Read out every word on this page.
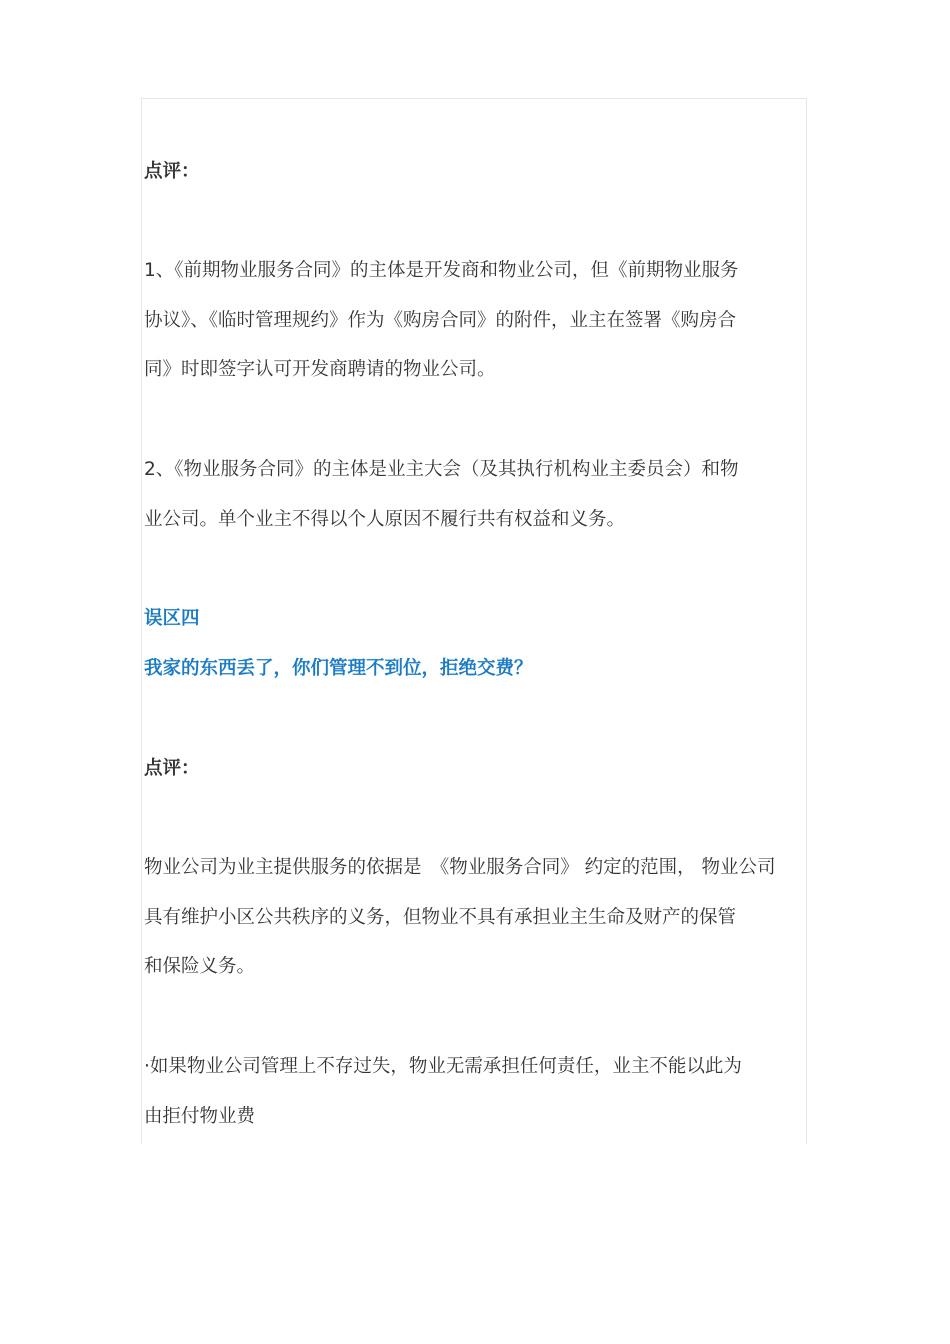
点评：
1、《前期物业服务合同》的主体是开发商和物业公司，但《前期物业服务
协议》、《临时管理规约》作为《购房合同》的附件，业主在签署《购房合
同》时即签字认可开发商聘请的物业公司。
2、《物业服务合同》的主体是业主大会（及其执行机构业主委员会）和物
业公司。单个业主不得以个人原因不履行共有权益和义务。
误区四
我家的东西丢了，你们管理不到位，拒绝交费？
点评：
物业公司为业主提供服务的依据是　《物业服务合同》 约定的范围， 物业公司
具有维护小区公共秩序的义务，但物业不具有承担业主生命及财产的保管
和保险义务。
·如果物业公司管理上不存过失，物业无需承担任何责任，业主不能以此为
由拒付物业费
